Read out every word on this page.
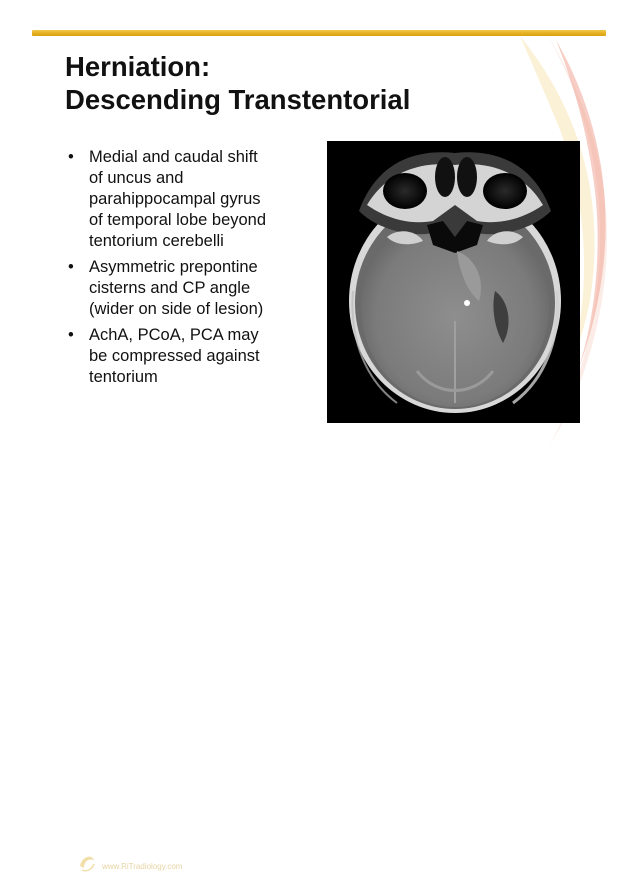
Herniation:
Descending Transtentorial
• Medial and caudal shift
of uncus and
parahippocampal gyrus
of temporal lobe beyond
tentorium cerebelli
• Asymmetric prepontine
cisterns and CP angle
(wider on side of lesion)
• AchA, PCoA, PCA may
be compressed against
tentorium
www.RiTradiology.com
